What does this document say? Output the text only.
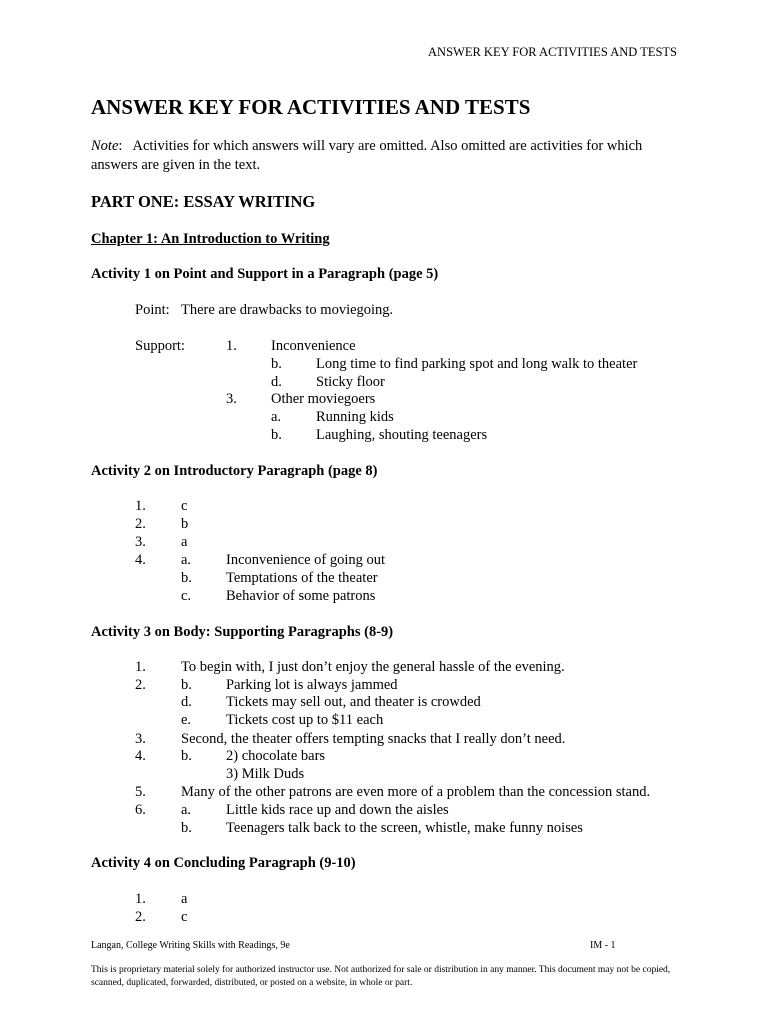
ANSWER KEY FOR ACTIVITIES AND TESTS
ANSWER KEY FOR ACTIVITIES AND TESTS
Note: Activities for which answers will vary are omitted. Also omitted are activities for which answers are given in the text.
PART ONE: ESSAY WRITING
Chapter 1: An Introduction to Writing
Activity 1 on Point and Support in a Paragraph (page 5)
Point: There are drawbacks to moviegoing.
Support:	1. Inconvenience
b. Long time to find parking spot and long walk to theater
d. Sticky floor
3. Other moviegoers
a. Running kids
b. Laughing, shouting teenagers
Activity 2 on Introductory Paragraph (page 8)
1. c
2. b
3. a
4. a. Inconvenience of going out
b. Temptations of the theater
c. Behavior of some patrons
Activity 3 on Body: Supporting Paragraphs (8-9)
1. To begin with, I just don’t enjoy the general hassle of the evening.
2. b. Parking lot is always jammed
d. Tickets may sell out, and theater is crowded
e. Tickets cost up to $11 each
3. Second, the theater offers tempting snacks that I really don’t need.
4. b. 2) chocolate bars
3) Milk Duds
5. Many of the other patrons are even more of a problem than the concession stand.
6. a. Little kids race up and down the aisles
b. Teenagers talk back to the screen, whistle, make funny noises
Activity 4 on Concluding Paragraph (9-10)
1. a
2. c
Langan, College Writing Skills with Readings, 9e	IM - 1
This is proprietary material solely for authorized instructor use. Not authorized for sale or distribution in any manner. This document may not be copied, scanned, duplicated, forwarded, distributed, or posted on a website, in whole or part.
